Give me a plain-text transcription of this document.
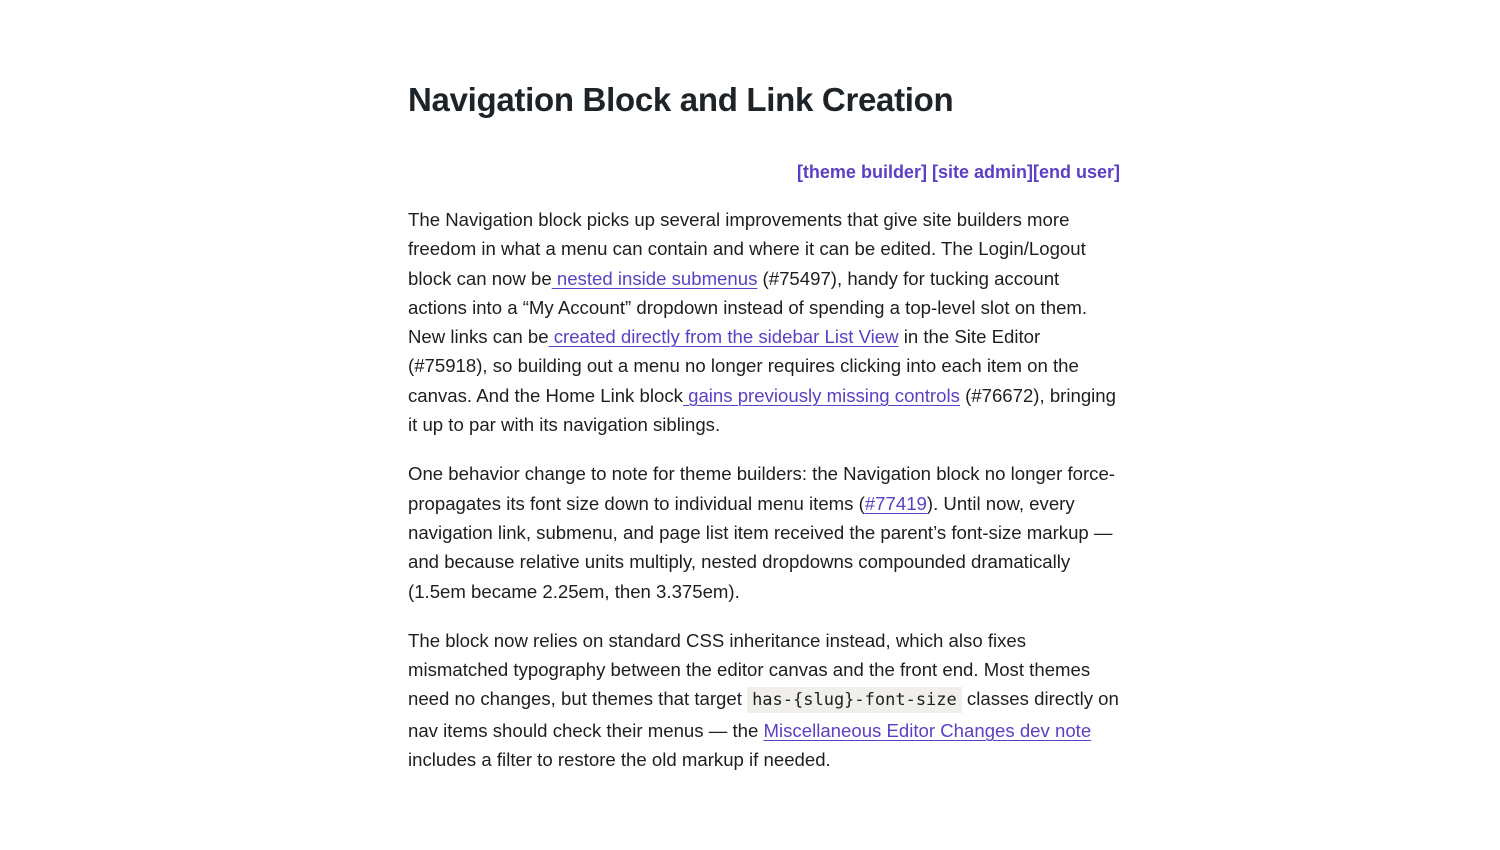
Navigation Block and Link Creation
[theme builder] [site admin][end user]

The Navigation block picks up several improvements that give site builders more freedom in what a menu can contain and where it can be edited. The Login/Logout block can now be nested inside submenus (#75497), handy for tucking account actions into a “My Account” dropdown instead of spending a top-level slot on them. New links can be created directly from the sidebar List View in the Site Editor (#75918), so building out a menu no longer requires clicking into each item on the canvas. And the Home Link block gains previously missing controls (#76672), bringing it up to par with its navigation siblings.

One behavior change to note for theme builders: the Navigation block no longer force-propagates its font size down to individual menu items (#77419). Until now, every navigation link, submenu, and page list item received the parent’s font-size markup — and because relative units multiply, nested dropdowns compounded dramatically (1.5em became 2.25em, then 3.375em).

The block now relies on standard CSS inheritance instead, which also fixes mismatched typography between the editor canvas and the front end. Most themes need no changes, but themes that target has-{slug}-font-size classes directly on nav items should check their menus — the Miscellaneous Editor Changes dev note includes a filter to restore the old markup if needed.
